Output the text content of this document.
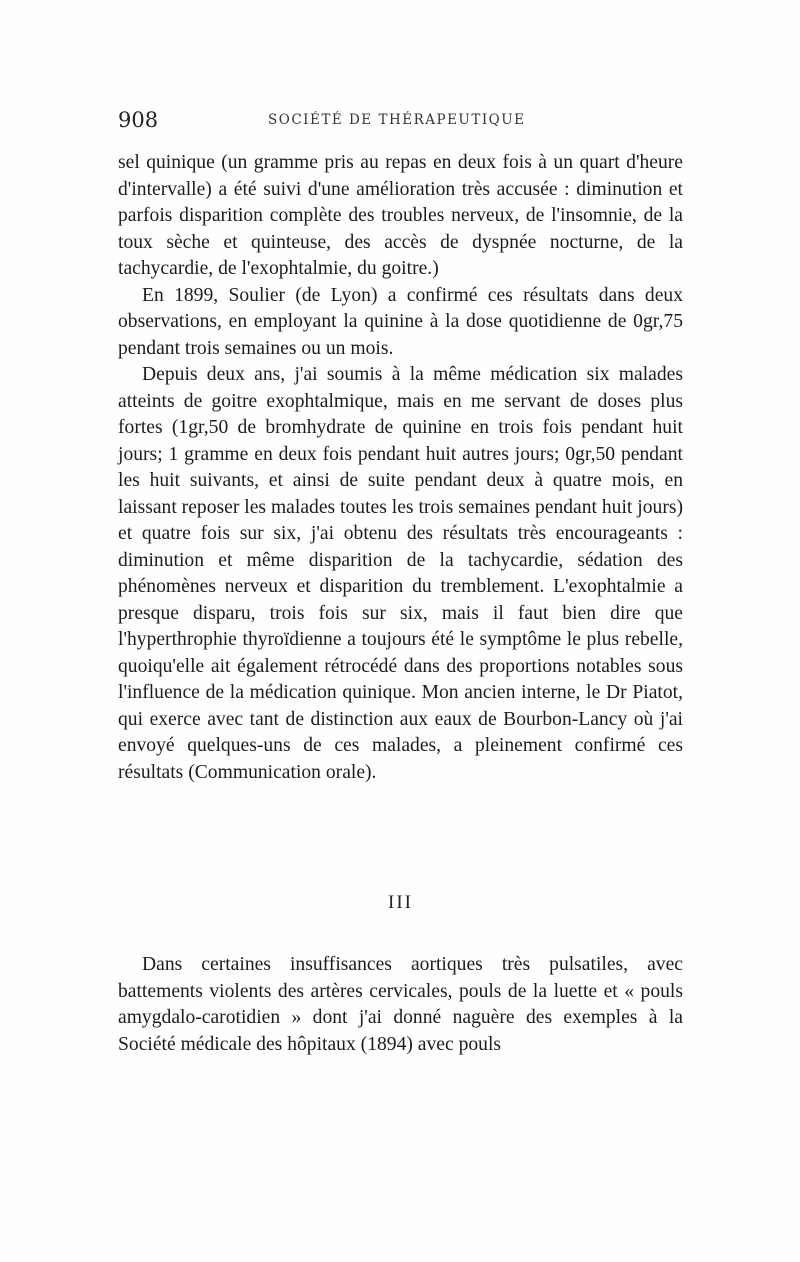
908	SOCIÉTÉ DE THÉRAPEUTIQUE

sel quinique (un gramme pris au repas en deux fois à un quart d'heure d'intervalle) a été suivi d'une amélioration très accusée : diminution et parfois disparition complète des troubles nerveux, de l'insomnie, de la toux sèche et quinteuse, des accès de dyspnée nocturne, de la tachycardie, de l'exophtalmie, du goitre.)

En 1899, Soulier (de Lyon) a confirmé ces résultats dans deux observations, en employant la quinine à la dose quotidienne de 0gr,75 pendant trois semaines ou un mois.

Depuis deux ans, j'ai soumis à la même médication six malades atteints de goitre exophtalmique, mais en me servant de doses plus fortes (1gr,50 de bromhydrate de quinine en trois fois pendant huit jours; 1 gramme en deux fois pendant huit autres jours; 0gr,50 pendant les huit suivants, et ainsi de suite pendant deux à quatre mois, en laissant reposer les malades toutes les trois semaines pendant huit jours) et quatre fois sur six, j'ai obtenu des résultats très encourageants : diminution et même disparition de la tachycardie, sédation des phénomènes nerveux et disparition du tremblement. L'exophtalmie a presque disparu, trois fois sur six, mais il faut bien dire que l'hyperthrophie thyroïdienne a toujours été le symptôme le plus rebelle, quoiqu'elle ait également rétrocédé dans des proportions notables sous l'influence de la médication quinique. Mon ancien interne, le Dr Piatot, qui exerce avec tant de distinction aux eaux de Bourbon-Lancy où j'ai envoyé quelques-uns de ces malades, a pleinement confirmé ces résultats (Communication orale).

III

Dans certaines insuffisances aortiques très pulsatiles, avec battements violents des artères cervicales, pouls de la luette et « pouls amygdalo-carotidien » dont j'ai donné naguère des exemples à la Société médicale des hôpitaux (1894) avec pouls
